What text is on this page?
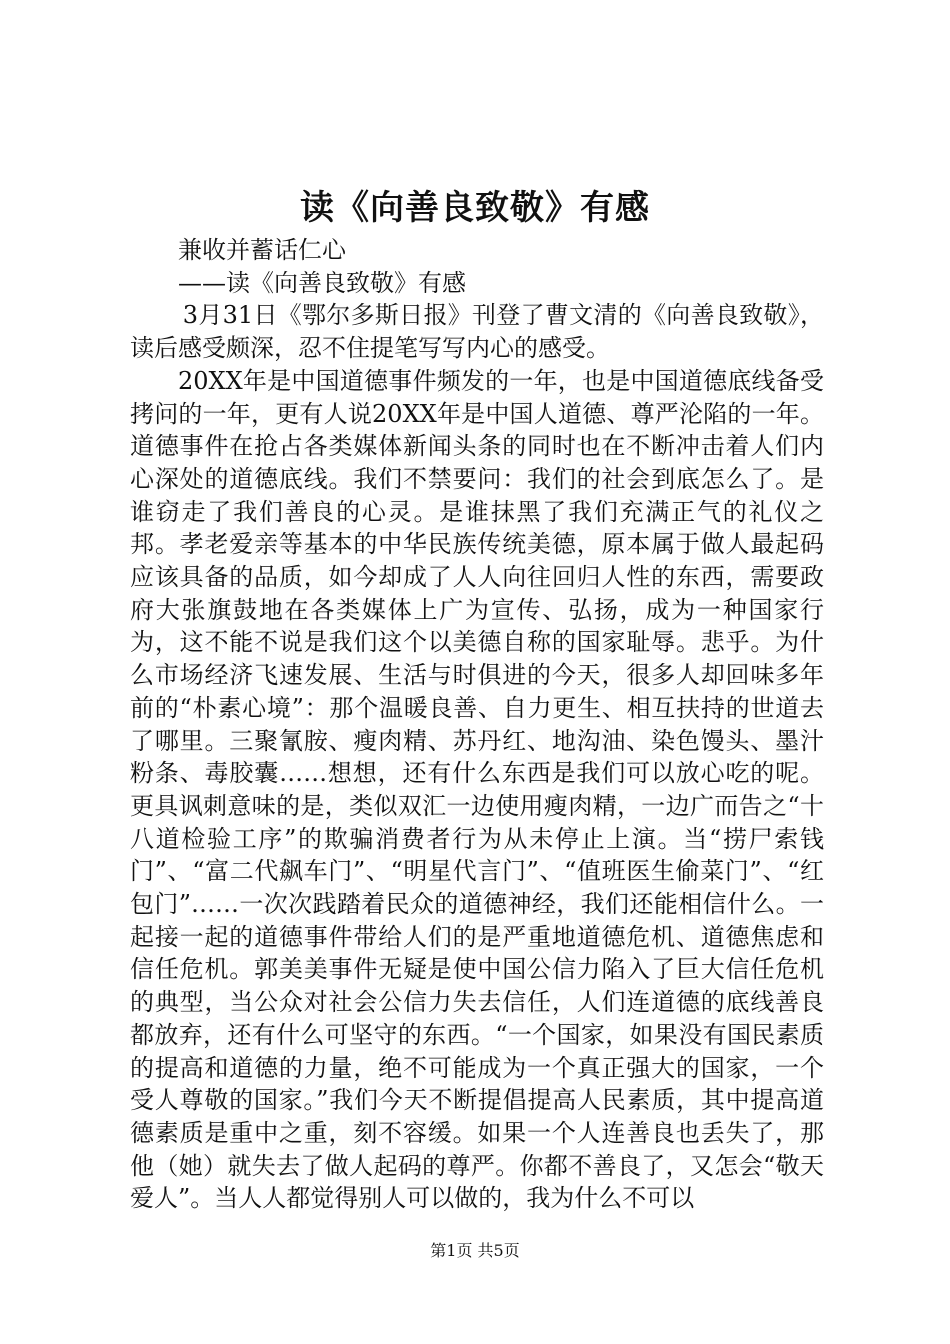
读《向善良致敬》有感

兼收并蓄话仁心

——读《向善良致敬》有感

3月31日《鄂尔多斯日报》刊登了曹文清的《向善良致敬》，读后感受颇深，忍不住提笔写写内心的感受。

20XX年是中国道德事件频发的一年，也是中国道德底线备受拷问的一年，更有人说20XX年是中国人道德、尊严沦陷的一年。道德事件在抢占各类媒体新闻头条的同时也在不断冲击着人们内心深处的道德底线。我们不禁要问：我们的社会到底怎么了。是谁窃走了我们善良的心灵。是谁抹黑了我们充满正气的礼仪之邦。孝老爱亲等基本的中华民族传统美德，原本属于做人最起码应该具备的品质，如今却成了人人向往回归人性的东西，需要政府大张旗鼓地在各类媒体上广为宣传、弘扬，成为一种国家行为，这不能不说是我们这个以美德自称的国家耻辱。悲乎。为什么市场经济飞速发展、生活与时俱进的今天，很多人却回味多年前的“朴素心境”：那个温暖良善、自力更生、相互扶持的世道去了哪里。三聚氰胺、瘦肉精、苏丹红、地沟油、染色馒头、墨汁粉条、毒胶囊……想想，还有什么东西是我们可以放心吃的呢。更具讽刺意味的是，类似双汇一边使用瘦肉精，一边广而告之“十八道检验工序”的欺骗消费者行为从未停止上演。当“捞尸索钱门”、“富二代飙车门”、“明星代言门”、“值班医生偷菜门”、“红包门”……一次次践踏着民众的道德神经，我们还能相信什么。一起接一起的道德事件带给人们的是严重地道德危机、道德焦虑和信任危机。郭美美事件无疑是使中国公信力陷入了巨大信任危机的典型，当公众对社会公信力失去信任，人们连道德的底线善良都放弃，还有什么可坚守的东西。“一个国家，如果没有国民素质的提高和道德的力量，绝不可能成为一个真正强大的国家，一个受人尊敬的国家。”我们今天不断提倡提高人民素质，其中提高道德素质是重中之重，刻不容缓。如果一个人连善良也丢失了，那他（她）就失去了做人起码的尊严。你都不善良了，又怎会“敬天爱人”。当人人都觉得别人可以做的，我为什么不可以

第1页 共5页
